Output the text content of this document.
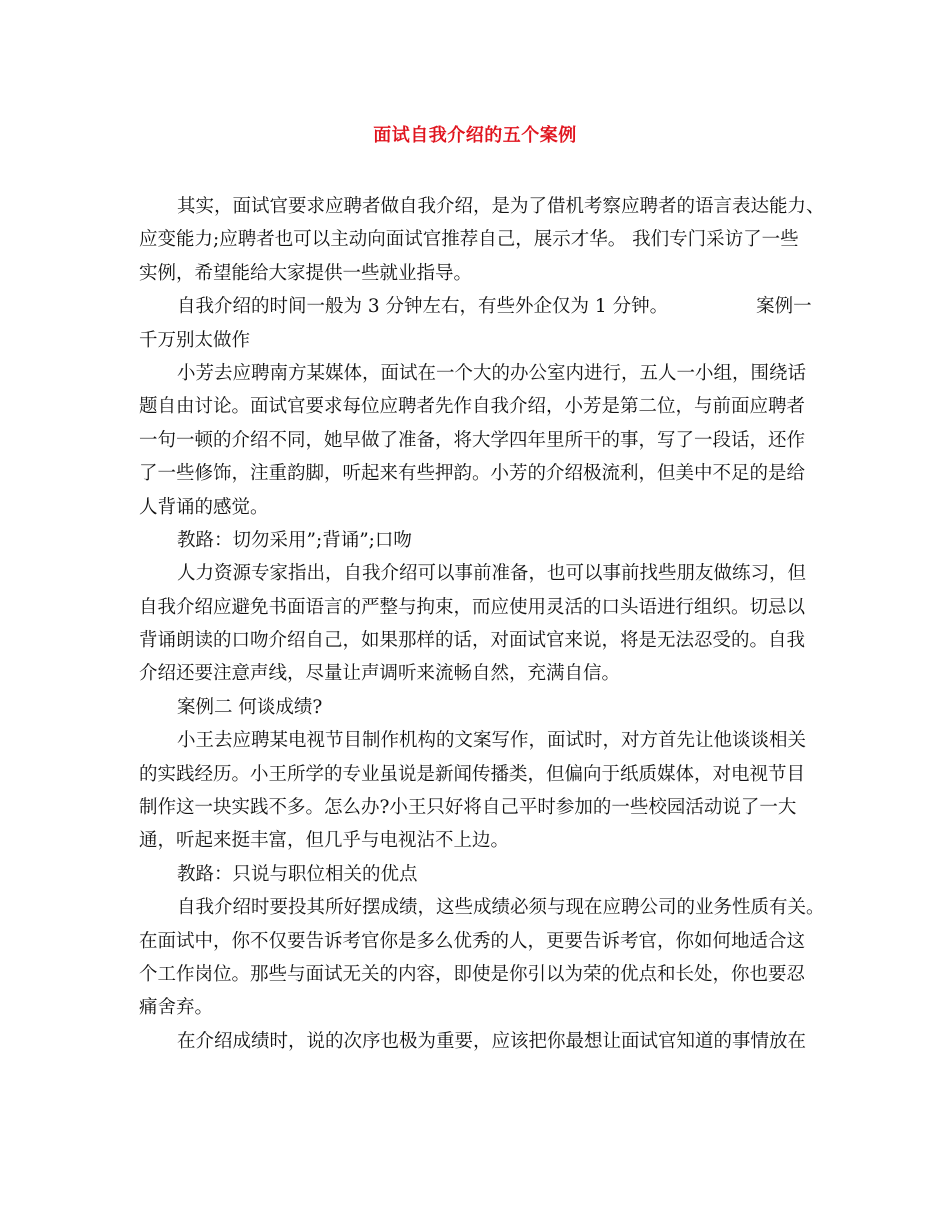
面试自我介绍的五个案例
其实，面试官要求应聘者做自我介绍，是为了借机考察应聘者的语言表达能力、
应变能力;应聘者也可以主动向面试官推荐自己，展示才华。 我们专门采访了一些
实例，希望能给大家提供一些就业指导。
自我介绍的时间一般为 3 分钟左右，有些外企仅为 1 分钟。	案例一
千万别太做作
小芳去应聘南方某媒体，面试在一个大的办公室内进行，五人一小组，围绕话
题自由讨论。面试官要求每位应聘者先作自我介绍，小芳是第二位，与前面应聘者
一句一顿的介绍不同，她早做了准备，将大学四年里所干的事，写了一段话，还作
了一些修饰，注重韵脚，听起来有些押韵。小芳的介绍极流利，但美中不足的是给
人背诵的感觉。
教路：切勿采用”;背诵”;口吻
人力资源专家指出，自我介绍可以事前准备，也可以事前找些朋友做练习，但
自我介绍应避免书面语言的严整与拘束，而应使用灵活的口头语进行组织。切忌以
背诵朗读的口吻介绍自己，如果那样的话，对面试官来说，将是无法忍受的。自我
介绍还要注意声线，尽量让声调听来流畅自然，充满自信。
案例二 何谈成绩?
小王去应聘某电视节目制作机构的文案写作，面试时，对方首先让他谈谈相关
的实践经历。小王所学的专业虽说是新闻传播类，但偏向于纸质媒体，对电视节目
制作这一块实践不多。怎么办?小王只好将自己平时参加的一些校园活动说了一大
通，听起来挺丰富，但几乎与电视沾不上边。
教路：只说与职位相关的优点
自我介绍时要投其所好摆成绩，这些成绩必须与现在应聘公司的业务性质有关。
在面试中，你不仅要告诉考官你是多么优秀的人，更要告诉考官，你如何地适合这
个工作岗位。那些与面试无关的内容，即使是你引以为荣的优点和长处，你也要忍
痛舍弃。
在介绍成绩时，说的次序也极为重要，应该把你最想让面试官知道的事情放在
